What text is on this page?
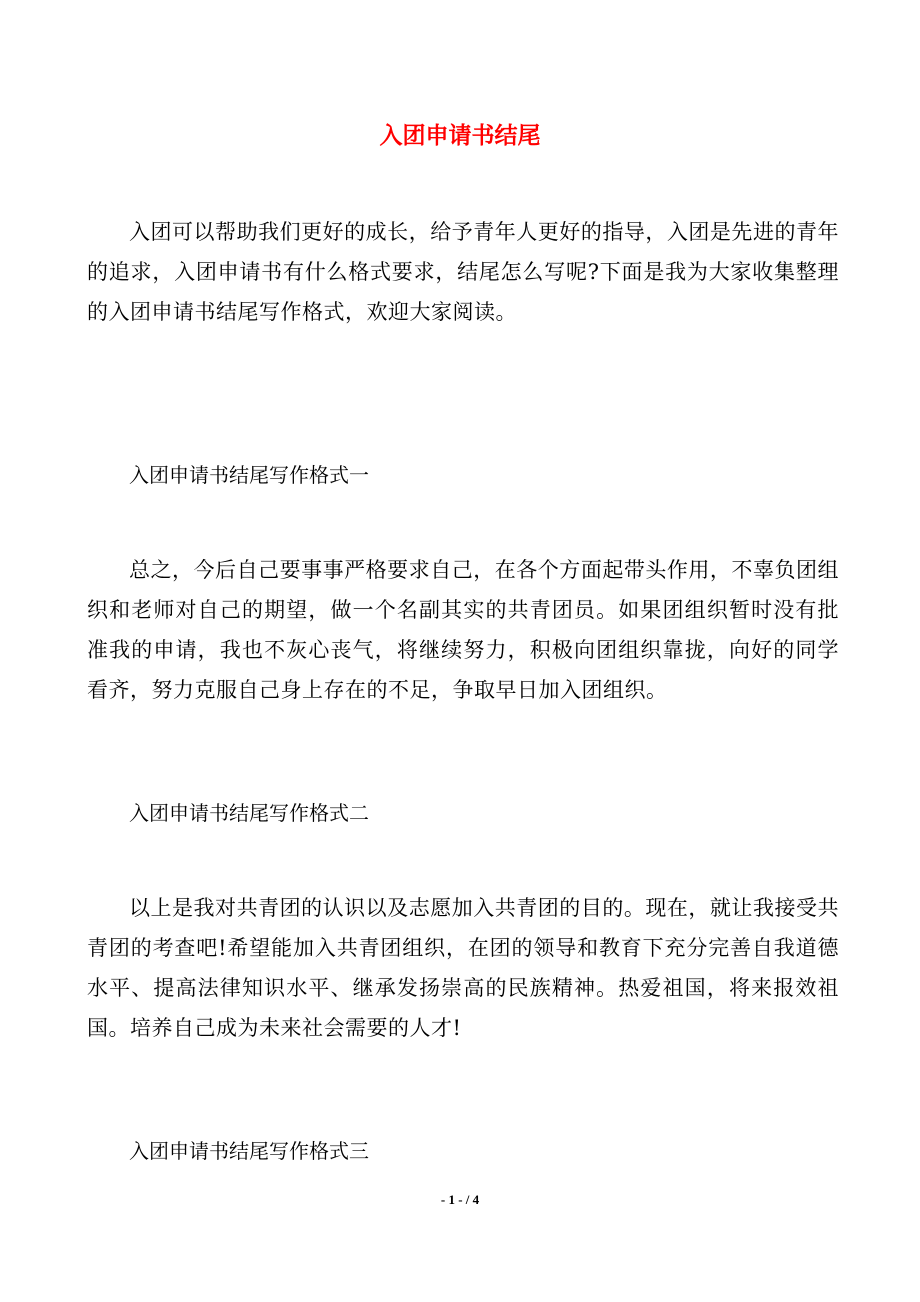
入团申请书结尾
入团可以帮助我们更好的成长，给予青年人更好的指导，入团是先进的青年的追求，入团申请书有什么格式要求，结尾怎么写呢?下面是我为大家收集整理的入团申请书结尾写作格式，欢迎大家阅读。
入团申请书结尾写作格式一
总之，今后自己要事事严格要求自己，在各个方面起带头作用，不辜负团组织和老师对自己的期望，做一个名副其实的共青团员。如果团组织暂时没有批准我的申请，我也不灰心丧气，将继续努力，积极向团组织靠拢，向好的同学看齐，努力克服自己身上存在的不足，争取早日加入团组织。
入团申请书结尾写作格式二
以上是我对共青团的认识以及志愿加入共青团的目的。现在，就让我接受共青团的考查吧!希望能加入共青团组织，在团的领导和教育下充分完善自我道德水平、提高法律知识水平、继承发扬崇高的民族精神。热爱祖国，将来报效祖国。培养自己成为未来社会需要的人才!
入团申请书结尾写作格式三
- 1 - / 4
